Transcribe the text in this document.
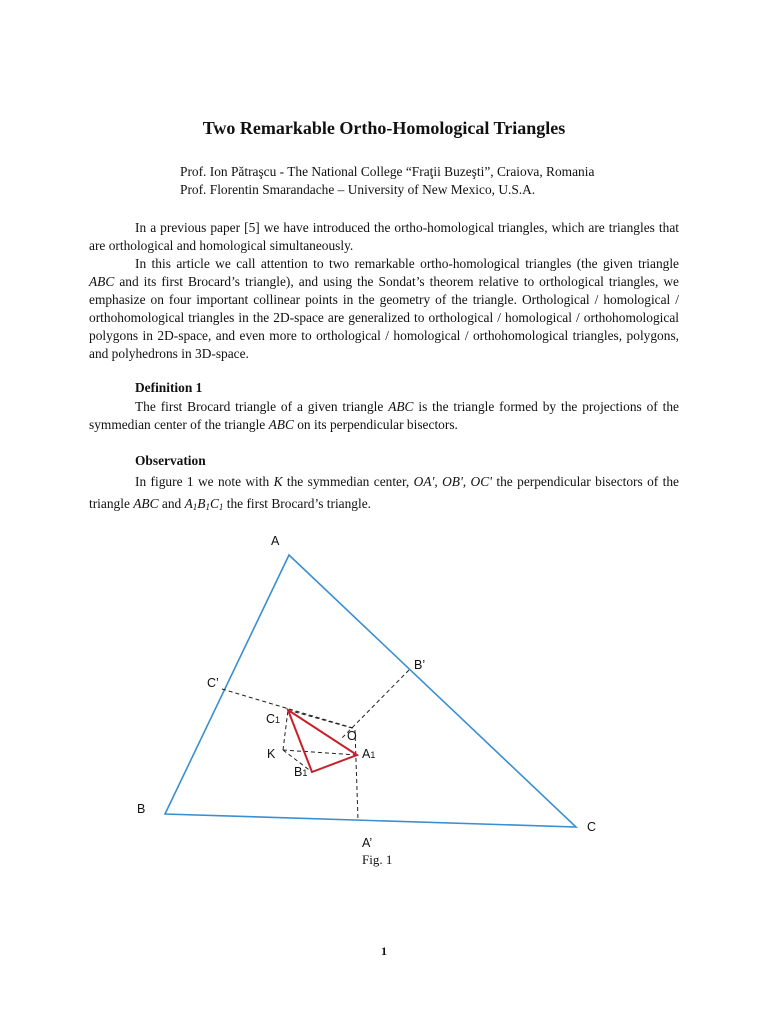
Two Remarkable Ortho-Homological Triangles
Prof. Ion Pătraşcu - The National College “Fraţii Buzeşti”, Craiova, Romania
Prof. Florentin Smarandache – University of New Mexico, U.S.A.

In a previous paper [5] we have introduced the ortho-homological triangles, which are triangles that are orthological and homological simultaneously.

In this article we call attention to two remarkable ortho-homological triangles (the given triangle ABC and its first Brocard’s triangle), and using the Sondat’s theorem relative to orthological triangles, we emphasize on four important collinear points in the geometry of the triangle. Orthological / homological / orthohomological triangles in the 2D-space are generalized to orthological / homological / orthohomological polygons in 2D-space, and even more to orthological / homological / orthohomological triangles, polygons, and polyhedrons in 3D-space.

Definition 1

The first Brocard triangle of a given triangle ABC is the triangle formed by the projections of the symmedian center of the triangle ABC on its perpendicular bisectors.

Observation

In figure 1 we note with K the symmedian center, OA', OB', OC' the perpendicular bisectors of the triangle ABC and $A_1B_1C_1$ the first Brocard’s triangle.

A
B
C
A’
B’
C’
O
K	A1
B1
C1
Fig. 1
1
